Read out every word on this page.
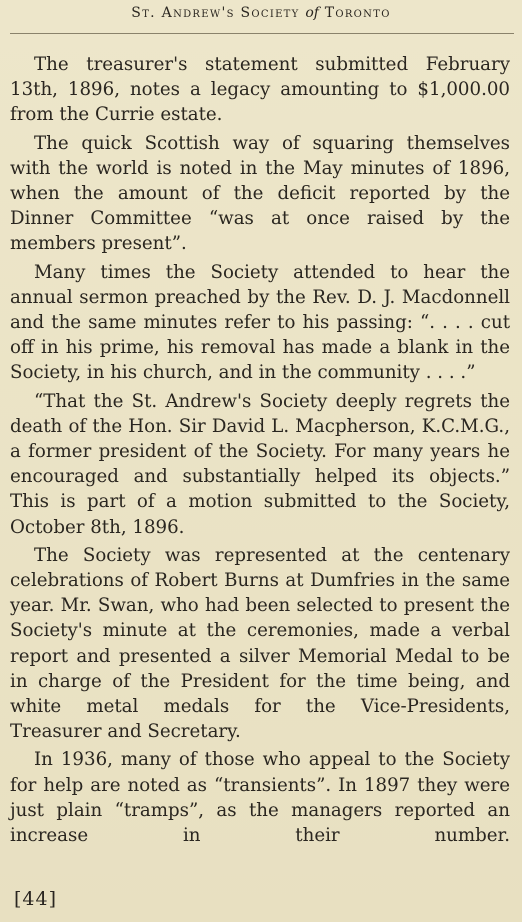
St. Andrew's Society of Toronto

The treasurer's statement submitted February 13th, 1896, notes a legacy amounting to $1,000.00 from the Currie estate.

The quick Scottish way of squaring themselves with the world is noted in the May minutes of 1896, when the amount of the deficit reported by the Dinner Committee “was at once raised by the members present”.

Many times the Society attended to hear the annual sermon preached by the Rev. D. J. Macdonnell and the same minutes refer to his passing: “. . . . cut off in his prime, his removal has made a blank in the Society, in his church, and in the community . . . .”

“That the St. Andrew's Society deeply regrets the death of the Hon. Sir David L. Macpherson, K.C.M.G., a former president of the Society. For many years he encouraged and substantially helped its objects.” This is part of a motion submitted to the Society, October 8th, 1896.

The Society was represented at the centenary celebrations of Robert Burns at Dumfries in the same year. Mr. Swan, who had been selected to present the Society's minute at the ceremonies, made a verbal report and presented a silver Memorial Medal to be in charge of the President for the time being, and white metal medals for the Vice-Presidents, Treasurer and Secretary.

In 1936, many of those who appeal to the Society for help are noted as “transients”. In 1897 they were just plain “tramps”, as the managers reported an increase in their number.

[44]
